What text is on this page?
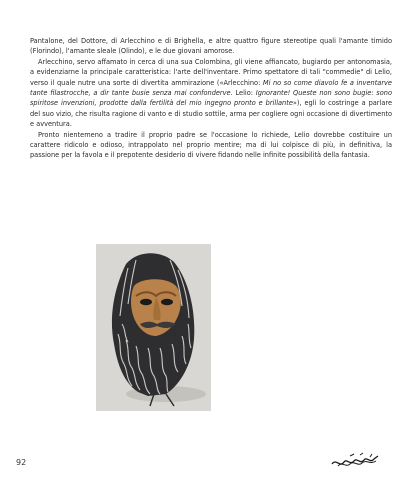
Pantalone, del Dottore, di Arlecchino e di Brighella, e altre quattro figure stereotipe quali l'amante timido (Florindo), l'amante sleale (Olindo), e le due giovani amorose.

Arlecchino, servo affamato in cerca di una sua Colombina, gli viene affiancato, bugiardo per antonomasia, a evidenziarne la principale caratteristica: l'arte dell'inventare. Primo spettatore di tali "commedie" di Lelio, verso il quale nutre una sorte di divertita ammirazione («Arlecchino: Mi no so come diavolo fe a inventarve tante filastrocche, a dir tante busie senza mai confonderve. Lelio: Ignorante! Queste non sono bugie: sono spiritose invenzioni, prodotte dalla fertilità del mio ingegno pronto e brillante»), egli lo costringe a parlare del suo vizio, che risulta ragione di vanto e di studio sottile, arma per cogliere ogni occasione di divertimento e avventura.

Pronto nientemeno a tradire il proprio padre se l'occasione lo richiede, Lelio dovrebbe costituire un carattere ridicolo e odioso, intrappolato nel proprio mentire; ma di lui colpisce di più, in definitiva, la passione per la favola e il prepotente desiderio di vivere fidando nelle infinite possibilità della fantasia.

92
